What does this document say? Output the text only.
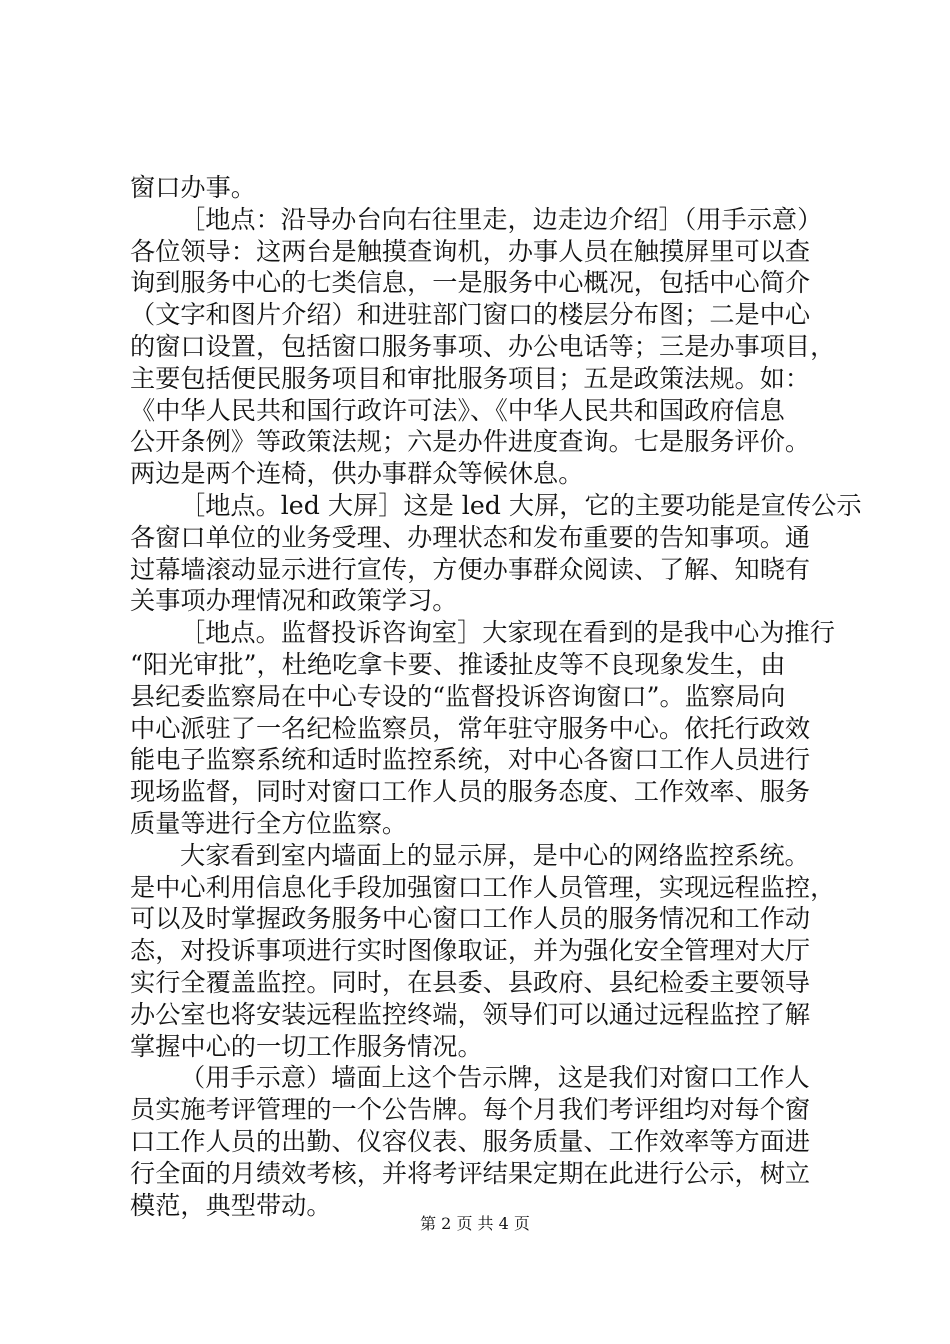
窗口办事。
［地点：沿导办台向右往里走，边走边介绍］（用手示意）
各位领导：这两台是触摸查询机，办事人员在触摸屏里可以查
询到服务中心的七类信息，一是服务中心概况，包括中心简介
（文字和图片介绍）和进驻部门窗口的楼层分布图；二是中心
的窗口设置，包括窗口服务事项、办公电话等；三是办事项目，
主要包括便民服务项目和审批服务项目；五是政策法规。如：
《中华人民共和国行政许可法》、《中华人民共和国政府信息
公开条例》等政策法规；六是办件进度查询。七是服务评价。
两边是两个连椅，供办事群众等候休息。
［地点。led 大屏］这是 led 大屏，它的主要功能是宣传公示
各窗口单位的业务受理、办理状态和发布重要的告知事项。通
过幕墙滚动显示进行宣传，方便办事群众阅读、了解、知晓有
关事项办理情况和政策学习。
［地点。监督投诉咨询室］大家现在看到的是我中心为推行
“阳光审批”，杜绝吃拿卡要、推诿扯皮等不良现象发生，由
县纪委监察局在中心专设的“监督投诉咨询窗口”。监察局向
中心派驻了一名纪检监察员，常年驻守服务中心。依托行政效
能电子监察系统和适时监控系统，对中心各窗口工作人员进行
现场监督，同时对窗口工作人员的服务态度、工作效率、服务
质量等进行全方位监察。
大家看到室内墙面上的显示屏，是中心的网络监控系统。
是中心利用信息化手段加强窗口工作人员管理，实现远程监控，
可以及时掌握政务服务中心窗口工作人员的服务情况和工作动
态，对投诉事项进行实时图像取证，并为强化安全管理对大厅
实行全覆盖监控。同时，在县委、县政府、县纪检委主要领导
办公室也将安装远程监控终端，领导们可以通过远程监控了解
掌握中心的一切工作服务情况。
（用手示意）墙面上这个告示牌，这是我们对窗口工作人
员实施考评管理的一个公告牌。每个月我们考评组均对每个窗
口工作人员的出勤、仪容仪表、服务质量、工作效率等方面进
行全面的月绩效考核，并将考评结果定期在此进行公示，树立
模范，典型带动。
第 2 页 共 4 页
